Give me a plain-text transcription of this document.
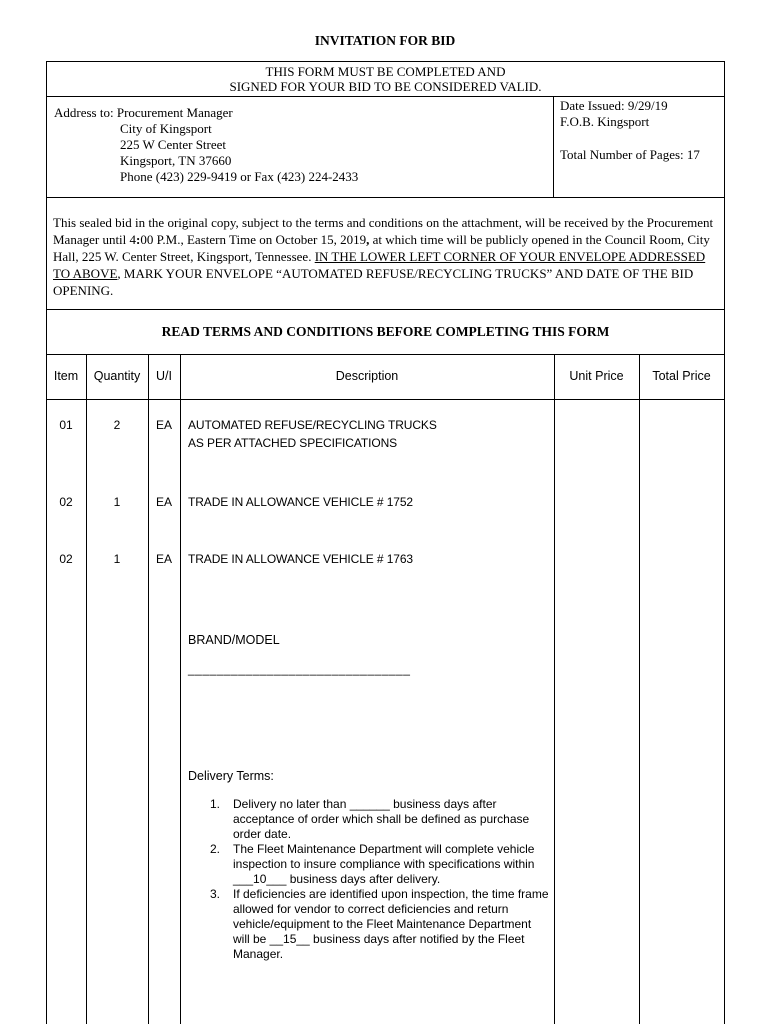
INVITATION FOR BID
THIS FORM MUST BE COMPLETED AND
SIGNED FOR YOUR BID TO BE CONSIDERED VALID.
Address to: Procurement Manager
City of Kingsport
225 W Center Street
Kingsport, TN 37660
Phone (423) 229-9419 or Fax (423) 224-2433
Date Issued: 9/29/19
F.O.B. Kingsport
Total Number of Pages: 17
This sealed bid in the original copy, subject to the terms and conditions on the attachment, will be received by the Procurement Manager until 4:00 P.M., Eastern Time on October 15, 2019, at which time will be publicly opened in the Council Room, City Hall, 225 W. Center Street, Kingsport, Tennessee. IN THE LOWER LEFT CORNER OF YOUR ENVELOPE ADDRESSED TO ABOVE, MARK YOUR ENVELOPE “AUTOMATED REFUSE/RECYCLING TRUCKS” AND DATE OF THE BID OPENING.
READ TERMS AND CONDITIONS BEFORE COMPLETING THIS FORM
Item	Quantity	U/I	Description	Unit Price	Total Price
01	2	EA	AUTOMATED REFUSE/RECYCLING TRUCKS
AS PER ATTACHED SPECIFICATIONS
02	1	EA	TRADE IN ALLOWANCE VEHICLE # 1752
02	1	EA	TRADE IN ALLOWANCE VEHICLE # 1763
BRAND/MODEL
_______________________________
Delivery Terms:
1. Delivery no later than ______ business days after acceptance of order which shall be defined as purchase order date.
2. The Fleet Maintenance Department will complete vehicle inspection to insure compliance with specifications within ___10___ business days after delivery.
3. If deficiencies are identified upon inspection, the time frame allowed for vendor to correct deficiencies and return vehicle/equipment to the Fleet Maintenance Department will be __15__ business days after notified by the Fleet Manager.
